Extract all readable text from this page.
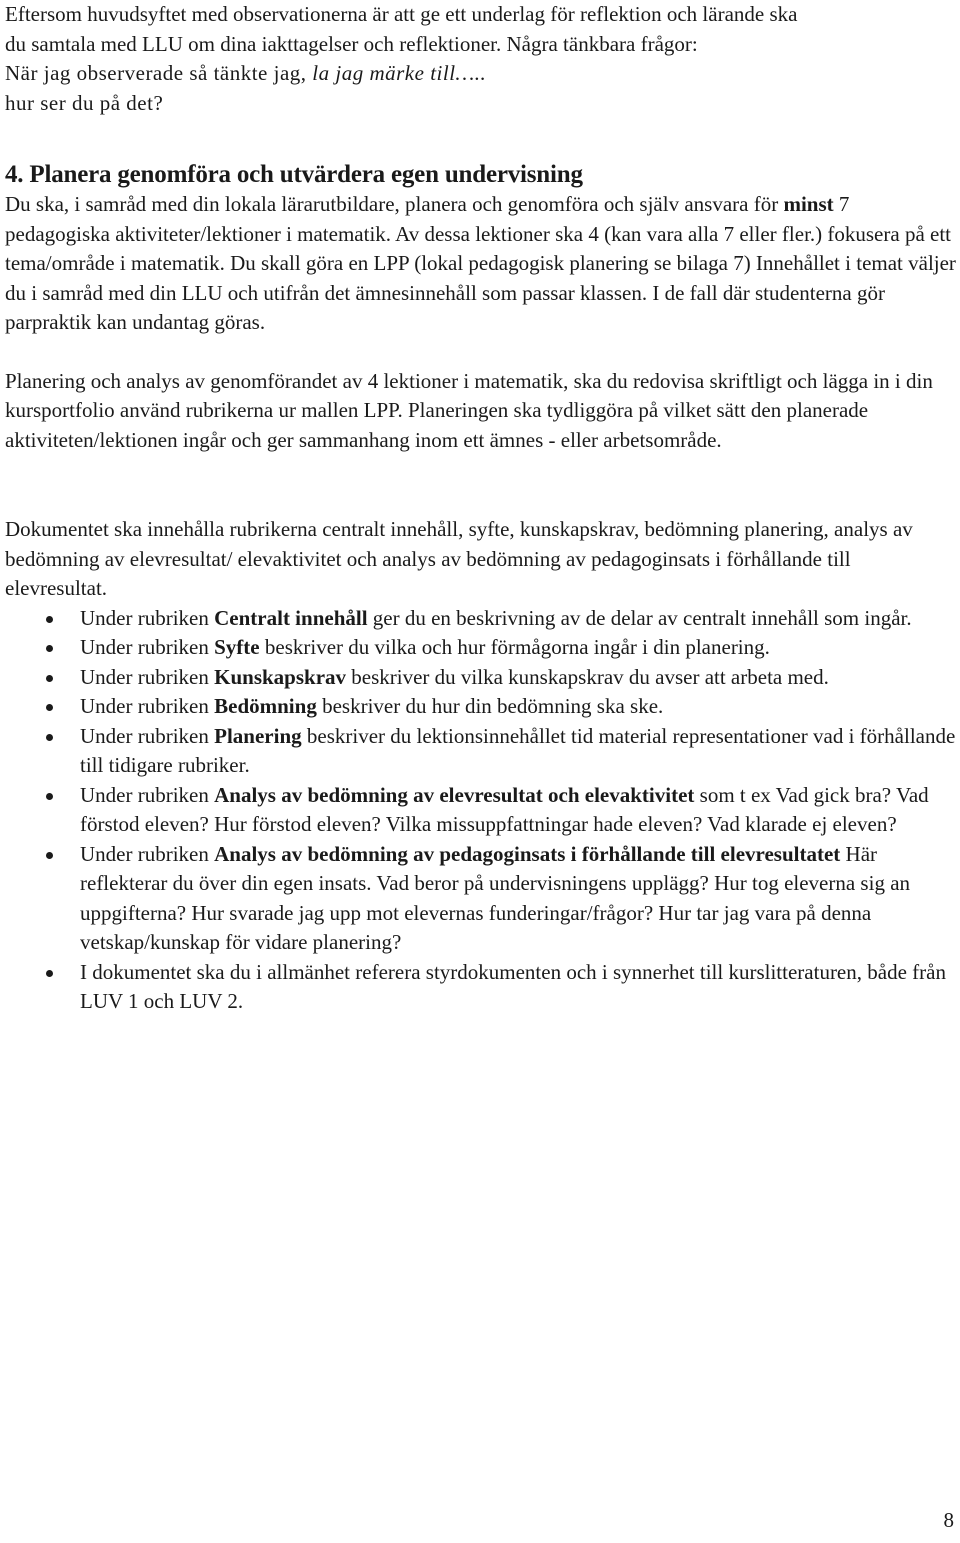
Eftersom huvudsyftet med observationerna är att ge ett underlag för reflektion och lärande ska
du samtala med LLU om dina iakttagelser och reflektioner. Några tänkbara frågor:
När jag observerade så tänkte jag, la jag märke till…..
hur ser du på det?
4. Planera genomföra och utvärdera egen undervisning

Du ska, i samråd med din lokala lärarutbildare, planera och genomföra och själv ansvara för minst 7 pedagogiska aktiviteter/lektioner i matematik. Av dessa lektioner ska 4 (kan vara alla 7 eller fler.) fokusera på ett tema/område i matematik. Du skall göra en LPP (lokal pedagogisk planering se bilaga 7) Innehållet i temat väljer du i samråd med din LLU och utifrån det ämnesinnehåll som passar klassen. I de fall där studenterna gör parpraktik kan undantag göras.

Planering och analys av genomförandet av 4 lektioner i matematik, ska du redovisa skriftligt och lägga in i din kursportfolio använd rubrikerna ur mallen LPP. Planeringen ska tydliggöra på vilket sätt den planerade aktiviteten/lektionen ingår och ger sammanhang inom ett ämnes - eller arbetsområde.

Dokumentet ska innehålla rubrikerna centralt innehåll, syfte, kunskapskrav, bedömning planering, analys av bedömning av elevresultat/ elevaktivitet och analys av bedömning av pedagoginsats i förhållande till elevresultat.

Under rubriken Centralt innehåll ger du en beskrivning av de delar av centralt innehåll som ingår.
Under rubriken Syfte beskriver du vilka och hur förmågorna ingår i din planering.
Under rubriken Kunskapskrav beskriver du vilka kunskapskrav du avser att arbeta med.
Under rubriken Bedömning beskriver du hur din bedömning ska ske.
Under rubriken Planering beskriver du lektionsinnehållet tid material representationer vad i förhållande till tidigare rubriker.
Under rubriken Analys av bedömning av elevresultat och elevaktivitet som t ex Vad gick bra? Vad förstod eleven? Hur förstod eleven? Vilka missuppfattningar hade eleven? Vad klarade ej eleven?
Under rubriken Analys av bedömning av pedagoginsats i förhållande till elevresultatet Här reflekterar du över din egen insats. Vad beror på undervisningens upplägg? Hur tog eleverna sig an uppgifterna? Hur svarade jag upp mot elevernas funderingar/frågor? Hur tar jag vara på denna vetskap/kunskap för vidare planering?
I dokumentet ska du i allmänhet referera styrdokumenten och i synnerhet till kurslitteraturen, både från LUV 1 och LUV 2.
8
